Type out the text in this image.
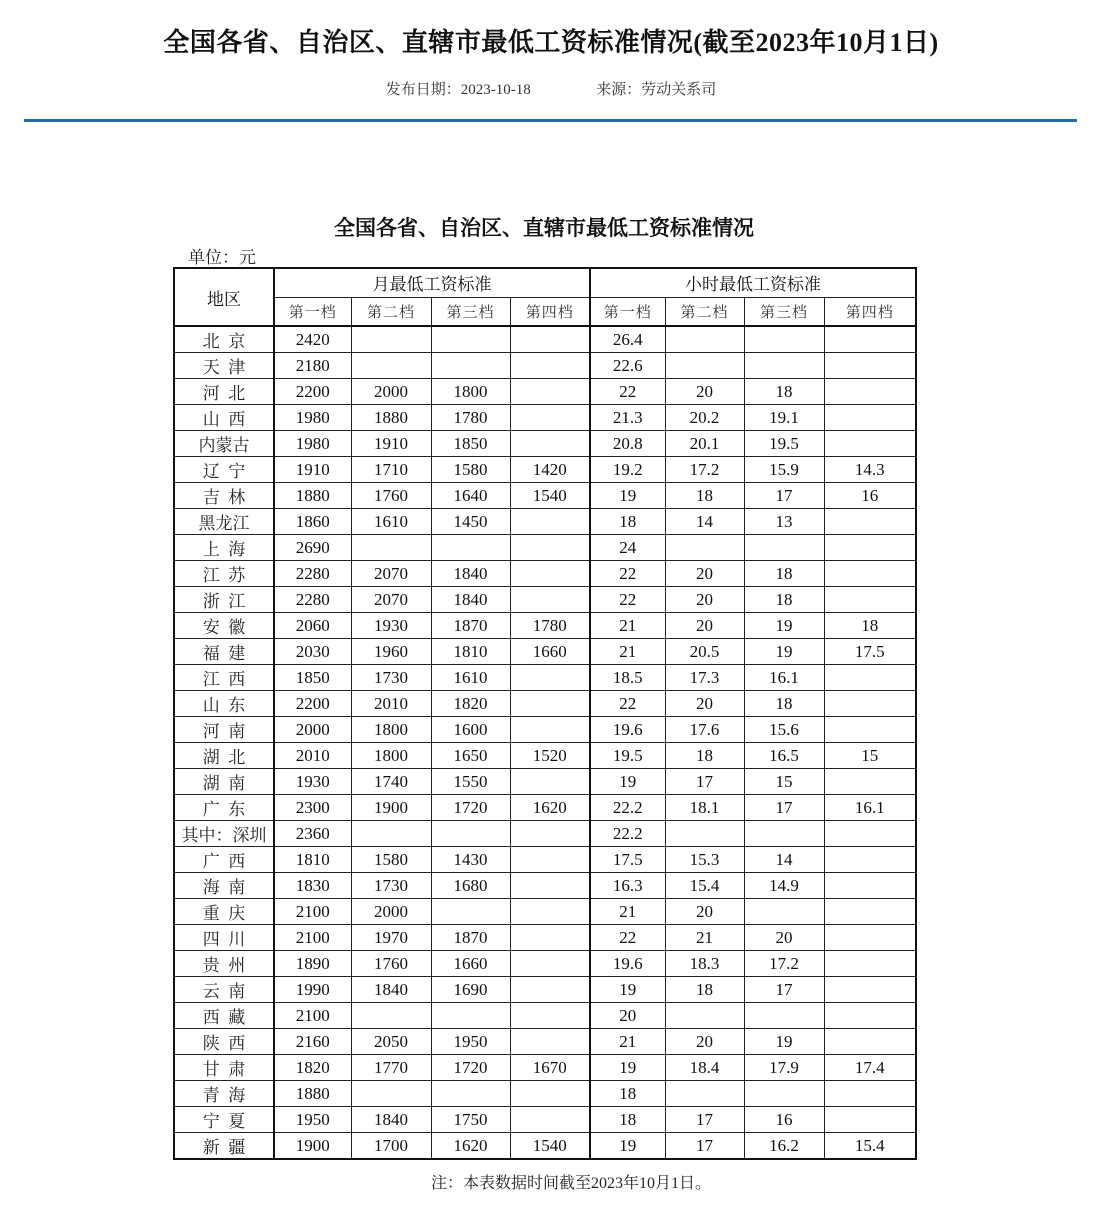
全国各省、自治区、直辖市最低工资标准情况(截至2023年10月1日)
发布日期：2023-10-18	来源：劳动关系司
全国各省、自治区、直辖市最低工资标准情况
单位：元
地区	月最低工资标准				小时最低工资标准			
	第一档	第二档	第三档	第四档	第一档	第二档	第三档	第四档
北  京	2420				26.4			
天  津	2180				22.6			
河  北	2200	2000	1800		22	20	18	
山  西	1980	1880	1780		21.3	20.2	19.1	
内蒙古	1980	1910	1850		20.8	20.1	19.5	
辽  宁	1910	1710	1580	1420	19.2	17.2	15.9	14.3
吉  林	1880	1760	1640	1540	19	18	17	16
黑龙江	1860	1610	1450		18	14	13	
上  海	2690				24			
江  苏	2280	2070	1840		22	20	18	
浙  江	2280	2070	1840		22	20	18	
安  徽	2060	1930	1870	1780	21	20	19	18
福  建	2030	1960	1810	1660	21	20.5	19	17.5
江  西	1850	1730	1610		18.5	17.3	16.1	
山  东	2200	2010	1820		22	20	18	
河  南	2000	1800	1600		19.6	17.6	15.6	
湖  北	2010	1800	1650	1520	19.5	18	16.5	15
湖  南	1930	1740	1550		19	17	15	
广  东	2300	1900	1720	1620	22.2	18.1	17	16.1
其中：深圳	2360				22.2			
广  西	1810	1580	1430		17.5	15.3	14	
海  南	1830	1730	1680		16.3	15.4	14.9	
重  庆	2100	2000			21	20		
四  川	2100	1970	1870		22	21	20	
贵  州	1890	1760	1660		19.6	18.3	17.2	
云  南	1990	1840	1690		19	18	17	
西  藏	2100				20			
陕  西	2160	2050	1950		21	20	19	
甘  肃	1820	1770	1720	1670	19	18.4	17.9	17.4
青  海	1880				18			
宁  夏	1950	1840	1750		18	17	16	
新  疆	1900	1700	1620	1540	19	17	16.2	15.4
注：本表数据时间截至2023年10月1日。
